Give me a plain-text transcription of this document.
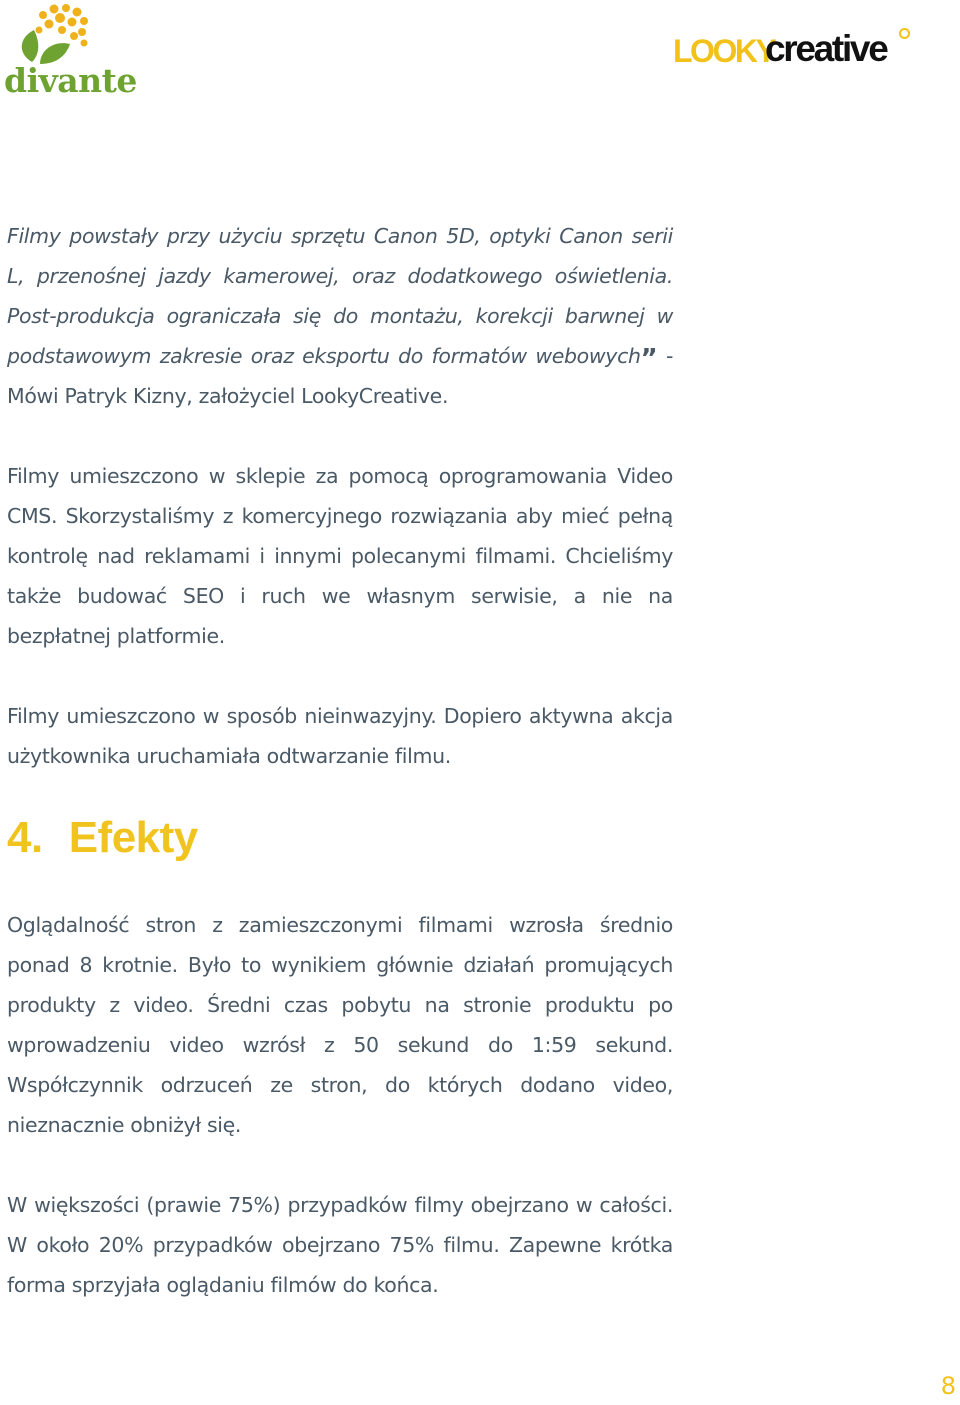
divante
LOOKY
creative

Filmy powstały przy użyciu sprzętu Canon 5D, optyki Canon serii L, przenośnej jazdy kamerowej, oraz dodatkowego oświetlenia. Post-produkcja ograniczała się do montażu, korekcji barwnej w podstawowym zakresie oraz eksportu do formatów webowych” - Mówi Patryk Kizny, założyciel LookyCreative.

Filmy umieszczono w sklepie za pomocą oprogramowania Video CMS. Skorzystaliśmy z komercyjnego rozwiązania aby mieć pełną kontrolę nad reklamami i innymi polecanymi filmami. Chcieliśmy także budować SEO i ruch we własnym serwisie, a nie na bezpłatnej platformie.

Filmy umieszczono w sposób nieinwazyjny. Dopiero aktywna akcja użytkownika uruchamiała odtwarzanie filmu.

4. Efekty

Oglądalność stron z zamieszczonymi filmami wzrosła średnio ponad 8 krotnie. Było to wynikiem głównie działań promujących produkty z video. Średni czas pobytu na stronie produktu po wprowadzeniu video wzrósł z 50 sekund do 1:59 sekund. Współczynnik odrzuceń ze stron, do których dodano video, nieznacznie obniżył się.

W większości (prawie 75%) przypadków filmy obejrzano w całości. W około 20% przypadków obejrzano 75% filmu. Zapewne krótka forma sprzyjała oglądaniu filmów do końca.

8
